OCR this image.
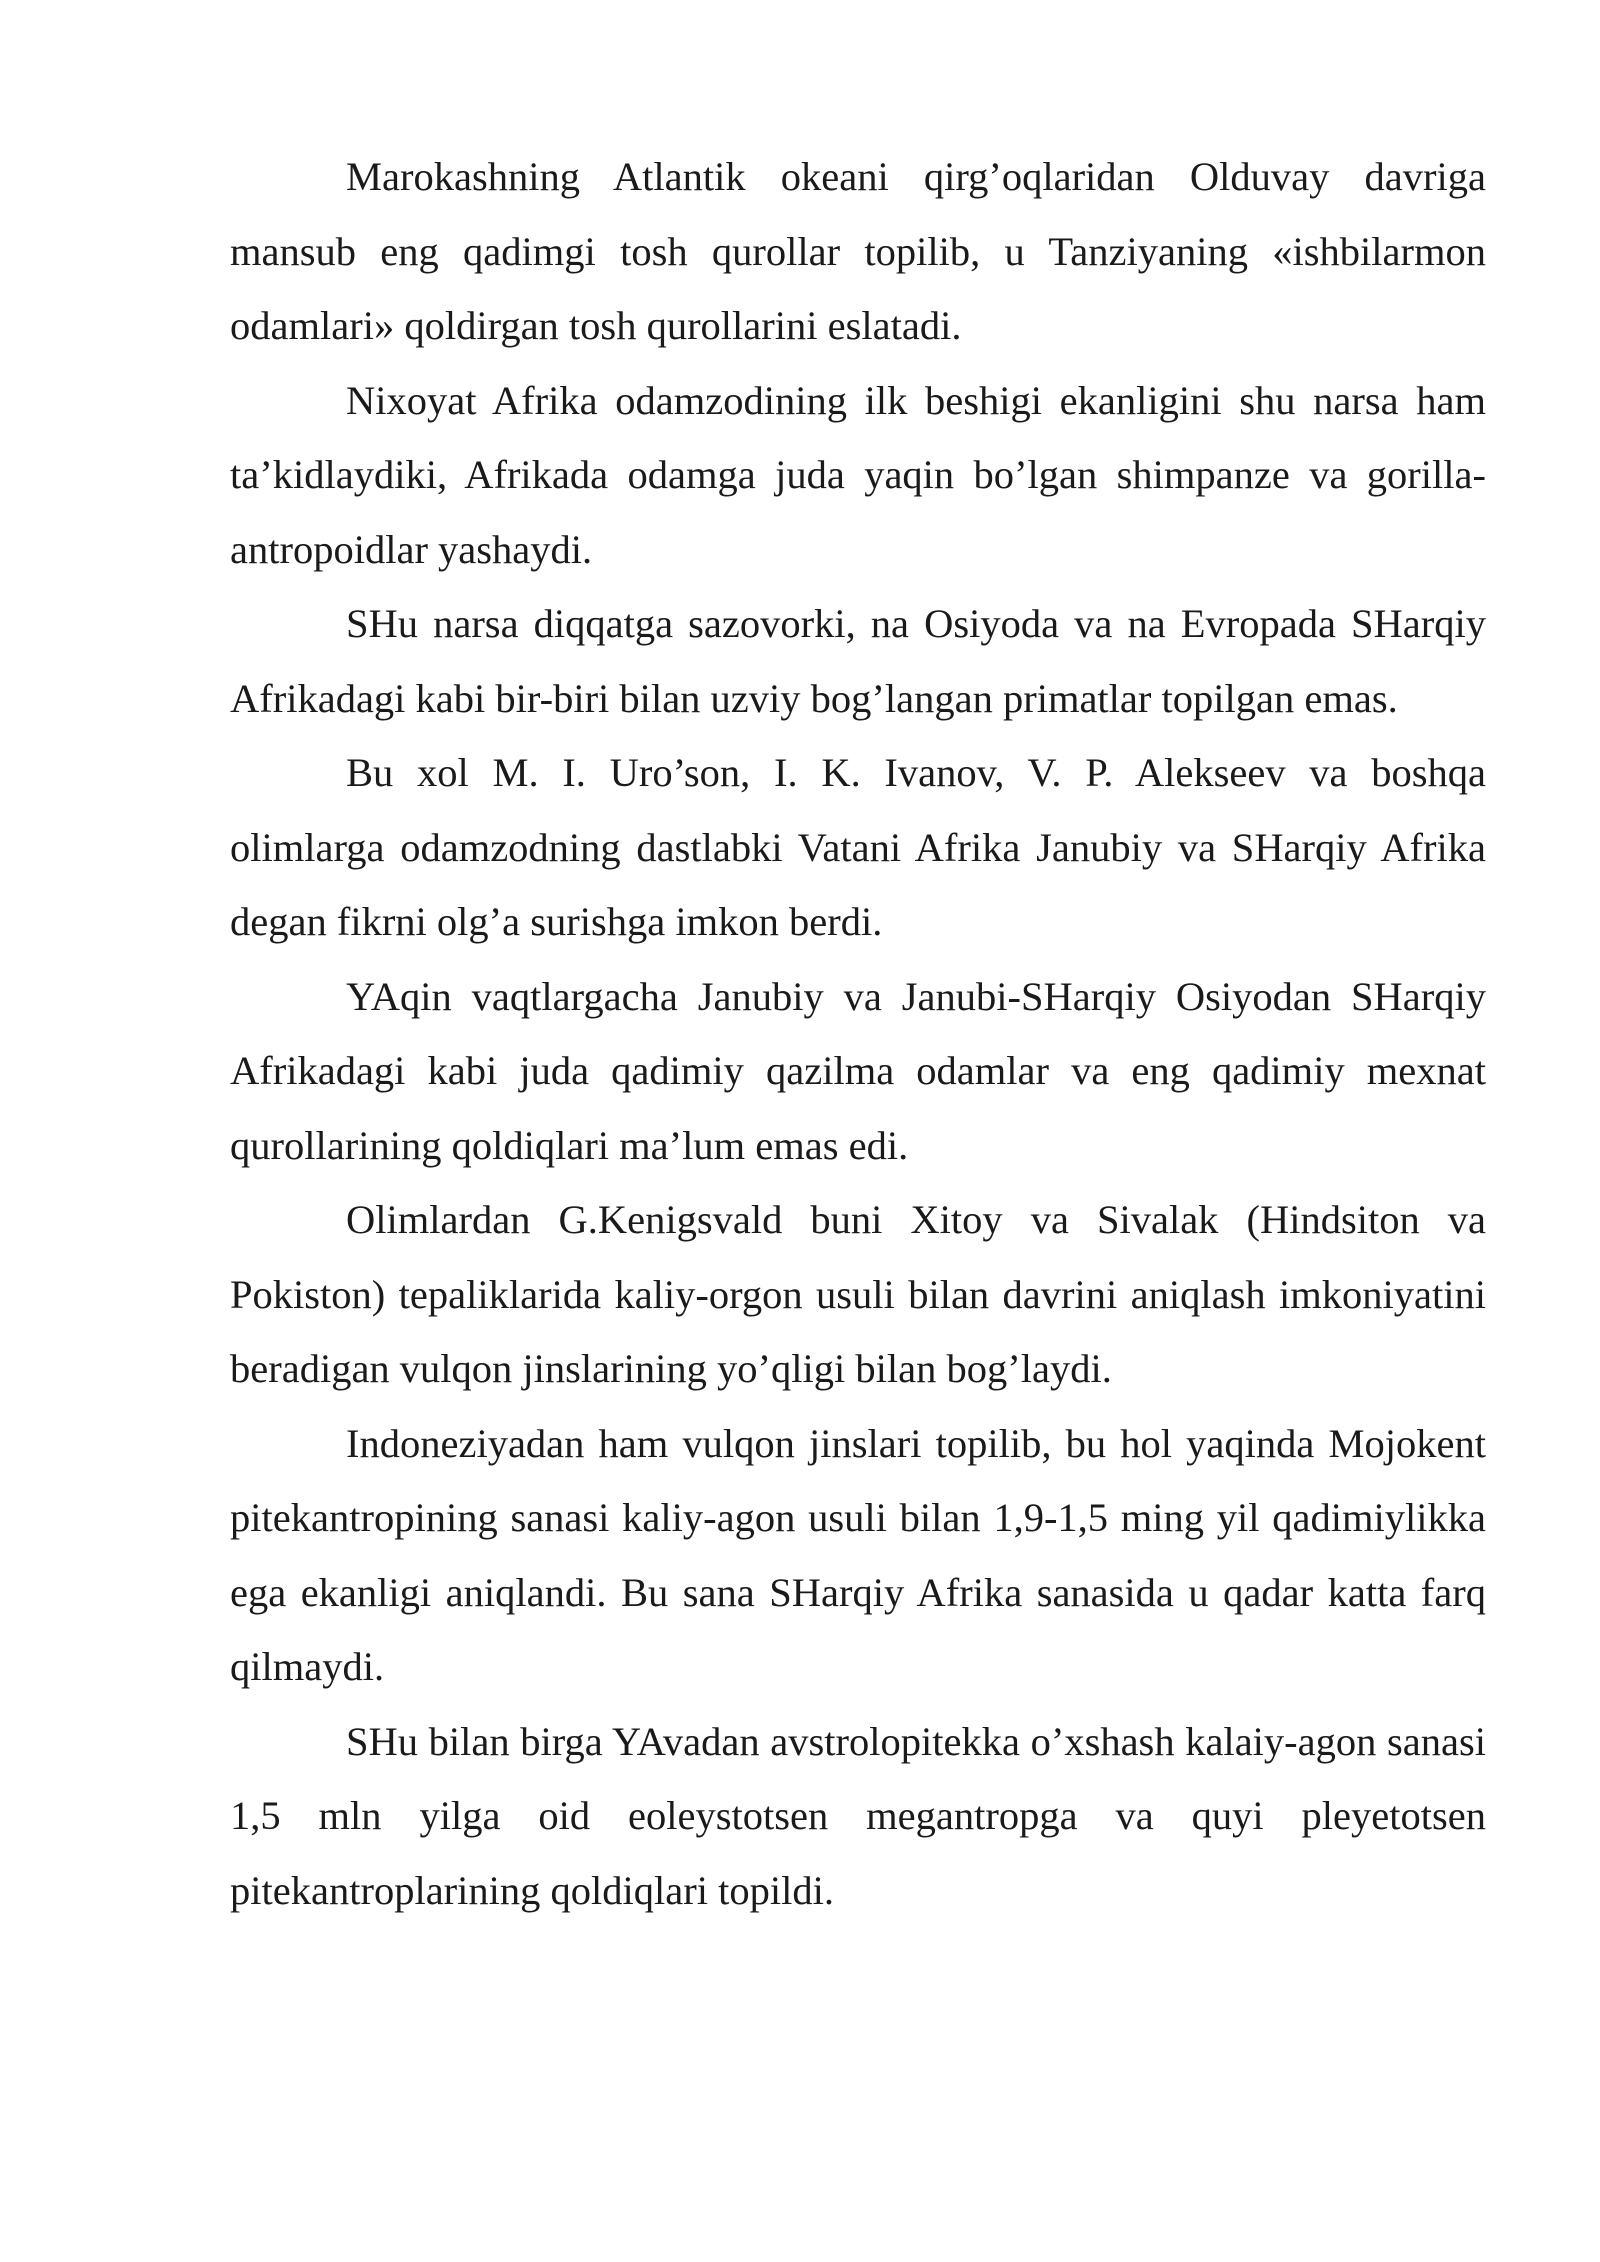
Marokashning Atlantik okeani qirg’oqlaridan Olduvay davriga mansub eng qadimgi tosh qurollar topilib, u Tanziyaning «ishbilarmon odamlari» qoldirgan tosh qurollarini eslatadi.

Nixoyat Afrika odamzodining ilk beshigi ekanligini shu narsa ham ta’kidlaydiki, Afrikada odamga juda yaqin bo’lgan shimpanze va gorilla-antropoidlar yashaydi.

SHu narsa diqqatga sazovorki, na Osiyoda va na Evropada SHarqiy Afrikadagi kabi bir-biri bilan uzviy bog’langan primatlar topilgan emas.

Bu xol M. I. Uro’son, I. K. Ivanov, V. P. Alekseev va boshqa olimlarga odamzodning dastlabki Vatani Afrika Janubiy va SHarqiy Afrika degan fikrni olg’a surishga imkon berdi.

YAqin vaqtlargacha Janubiy va Janubi-SHarqiy Osiyodan SHarqiy Afrikadagi kabi juda qadimiy qazilma odamlar va eng qadimiy mexnat qurollarining qoldiqlari ma’lum emas edi.

Olimlardan G.Kenigsvald buni Xitoy va Sivalak (Hindsiton va Pokiston) tepaliklarida kaliy-orgon usuli bilan davrini aniqlash imkoniyatini beradigan vulqon jinslarining yo’qligi bilan bog’laydi.

Indoneziyadan ham vulqon jinslari topilib, bu hol yaqinda Mojokent pitekantropining sanasi kaliy-agon usuli bilan 1,9-1,5 ming yil qadimiylikka ega ekanligi aniqlandi. Bu sana SHarqiy Afrika sanasida u qadar katta farq qilmaydi.

SHu bilan birga YAvadan avstrolopitekka o’xshash kalaiy-agon sanasi 1,5 mln yilga oid eoleystotsen megantropga va quyi pleyetotsen pitekantroplarining qoldiqlari topildi.
